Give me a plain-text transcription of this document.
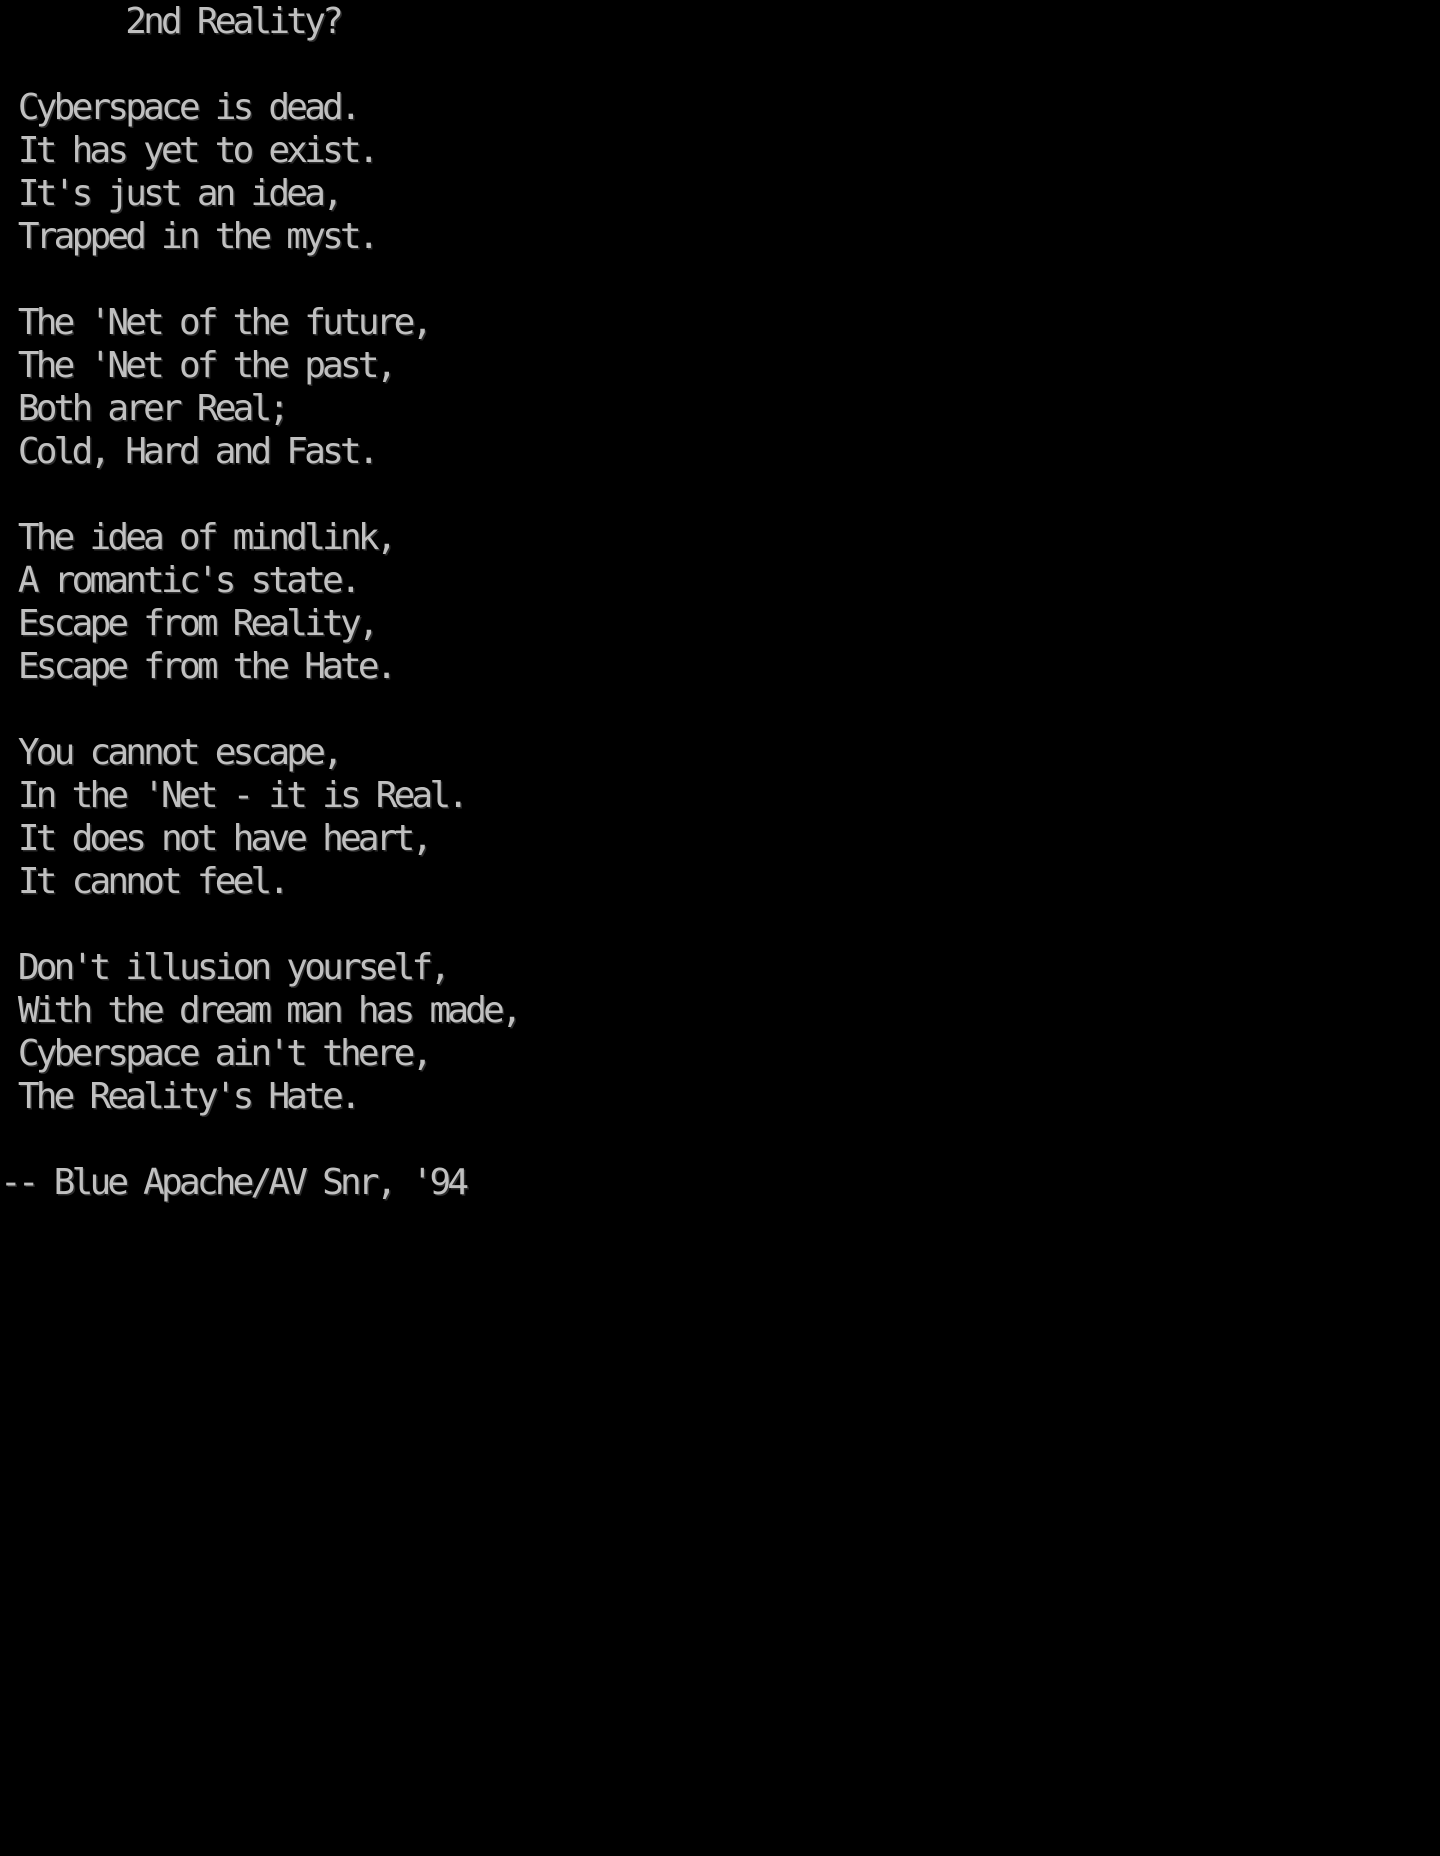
2nd Reality?
Cyberspace is dead.
It has yet to exist.
It's just an idea,
Trapped in the myst.
The 'Net of the future,
The 'Net of the past,
Both arer Real;
Cold, Hard and Fast.
The idea of mindlink,
A romantic's state.
Escape from Reality,
Escape from the Hate.
You cannot escape,
In the 'Net - it is Real.
It does not have heart,
It cannot feel.
Don't illusion yourself,
With the dream man has made,
Cyberspace ain't there,
The Reality's Hate.
-- Blue Apache/AV Snr, '94
